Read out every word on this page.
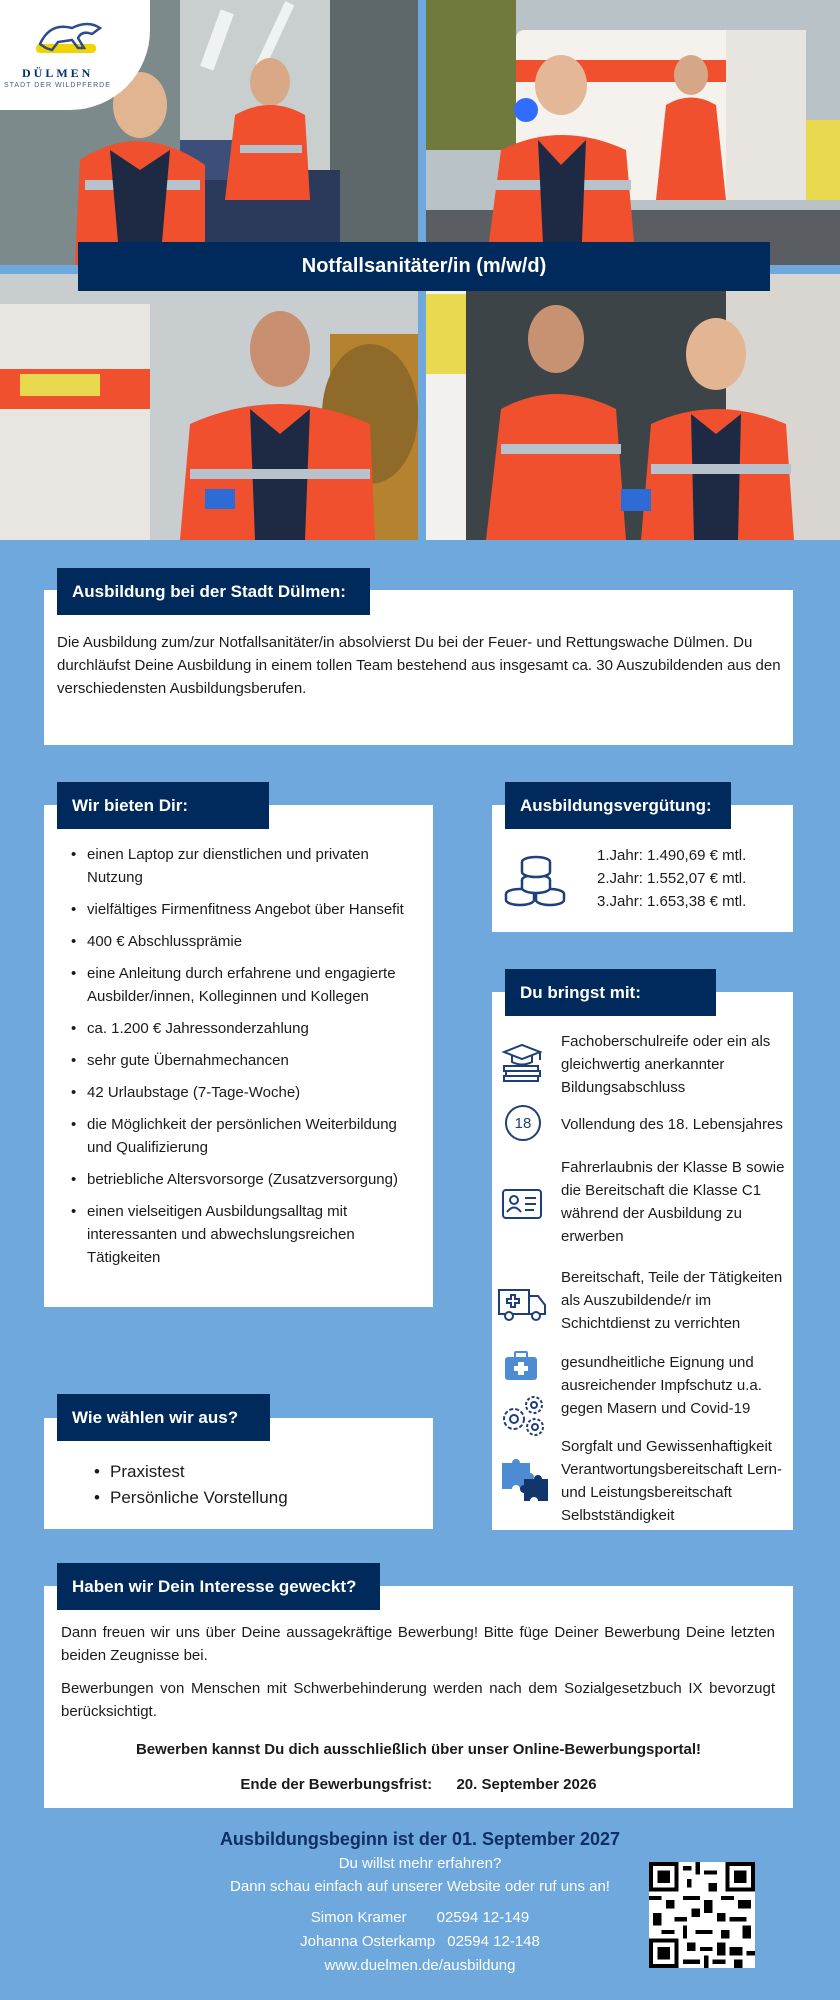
DÜLMEN
STADT DER WILDPFERDE
Notfallsanitäter/in (m/w/d)

Die Ausbildung zum/zur Notfallsanitäter/in absolvierst Du bei der Feuer- und Rettungswache Dülmen. Du durchläufst Deine Ausbildung in einem tollen Team bestehend aus insgesamt ca. 30 Auszubildenden aus den verschiedensten Ausbildungsberufen.

Ausbildung bei der Stadt Dülmen:
• einen Laptop zur dienstlichen und privaten Nutzung
• vielfältiges Firmenfitness Angebot über Hansefit
• 400 € Abschlussprämie
• eine Anleitung durch erfahrene und engagierte Ausbilder/innen, Kolleginnen und Kollegen
• ca. 1.200 € Jahressonderzahlung
• sehr gute Übernahmechancen
• 42 Urlaubstage (7-Tage-Woche)
• die Möglichkeit der persönlichen Weiterbildung und Qualifizierung
• betriebliche Altersvorsorge (Zusatzversorgung)
• einen vielseitigen Ausbildungsalltag mit interessanten und abwechslungsreichen Tätigkeiten
Wir bieten Dir:
1.Jahr: 1.490,69 € mtl.
2.Jahr: 1.552,07 € mtl.
3.Jahr: 1.653,38 € mtl.
Ausbildungsvergütung:
Fachoberschulreife oder ein als gleichwertig anerkannter Bildungsabschluss
18 Vollendung des 18. Lebensjahres
Fahrerlaubnis der Klasse B sowie die Bereitschaft die Klasse C1 während der Ausbildung zu erwerben
Bereitschaft, Teile der Tätigkeiten als Auszubildende/r im Schichtdienst zu verrichten
gesundheitliche Eignung und ausreichender Impfschutz u.a. gegen Masern und Covid-19
Sorgfalt und Gewissenhaftigkeit Verantwortungsbereitschaft Lern- und Leistungsbereitschaft Selbstständigkeit
Du bringst mit:
• Praxistest
• Persönliche Vorstellung
Wie wählen wir aus?

Dann freuen wir uns über Deine aussagekräftige Bewerbung! Bitte füge Deiner Bewerbung Deine letzten beiden Zeugnisse bei.

Bewerbungen von Menschen mit Schwerbehinderung werden nach dem Sozialgesetzbuch IX bevorzugt berücksichtigt.

Bewerben kannst Du dich ausschließlich über unser Online-Bewerbungsportal!

Ende der Bewerbungsfrist: 20. September 2026
Haben wir Dein Interesse geweckt?
Ausbildungsbeginn ist der 01. September 2027
Du willst mehr erfahren?
Dann schau einfach auf unserer Website oder ruf uns an!
Simon Kramer 02594 12-149
Johanna Osterkamp 02594 12-148
www.duelmen.de/ausbildung
